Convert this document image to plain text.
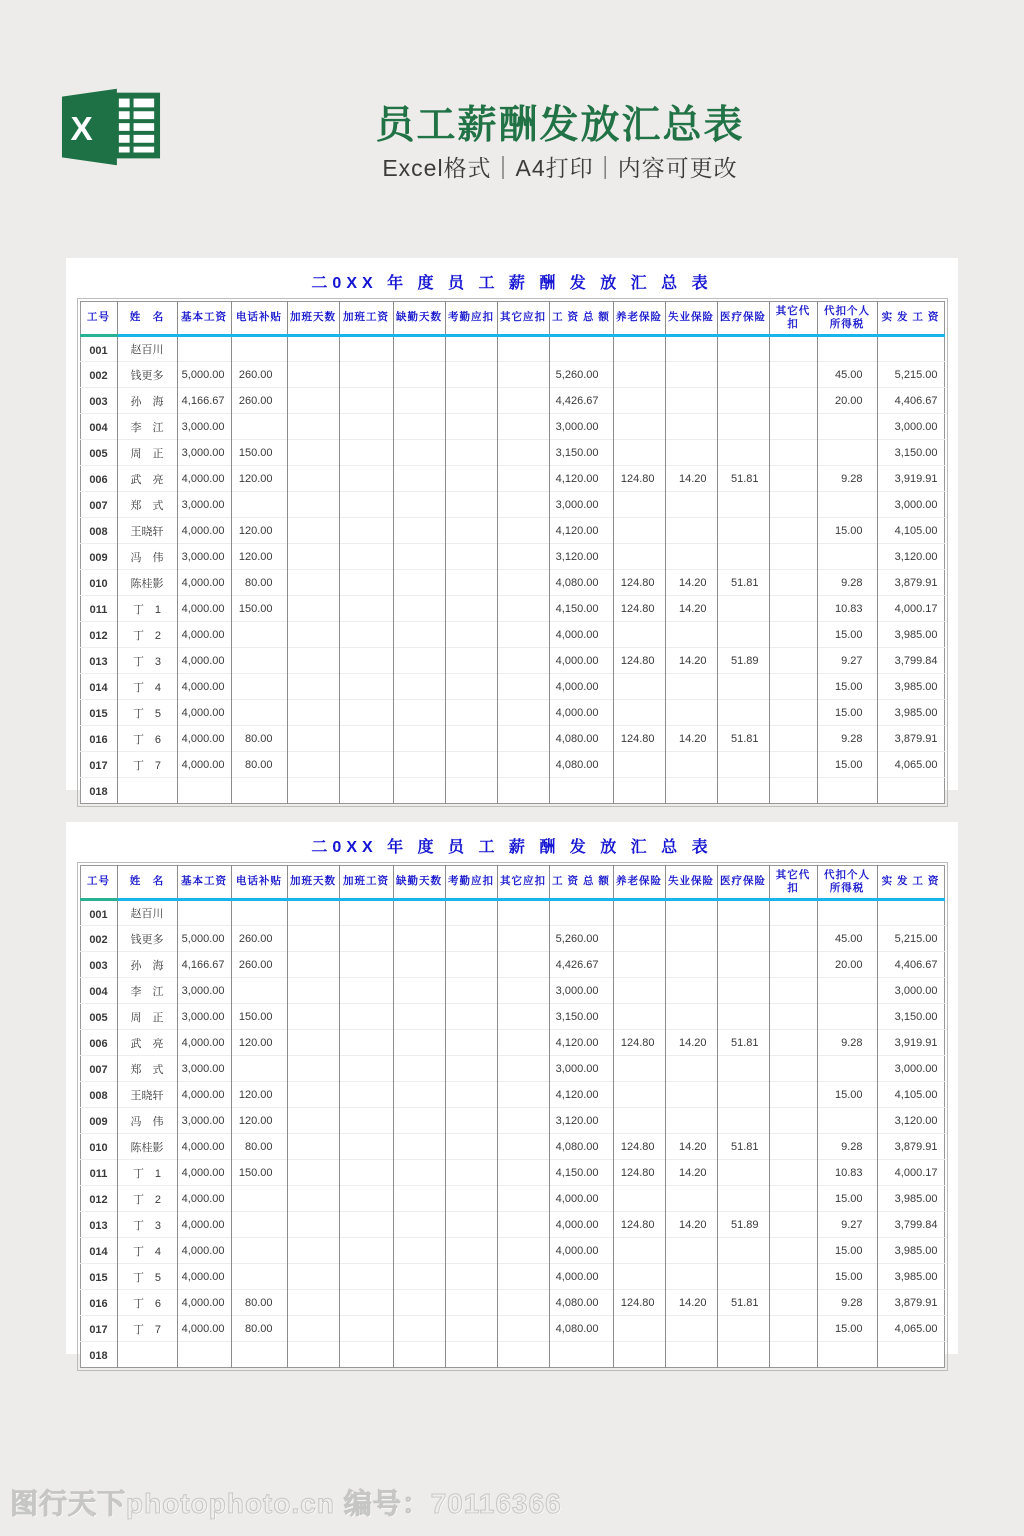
X	员工薪酬发放汇总表
Excel格式｜A4打印｜内容可更改
二0XX 年 度 员 工 薪 酬 发 放 汇 总 表
工号	姓　名	基本工资	电话补贴	加班天数	加班工资	缺勤天数	考勤应扣	其它应扣	工 资 总 额	养老保险	失业保险	医疗保险	其它代扣	代扣个人所得税	实 发 工 资
001	赵百川														
002	钱更多	5,000.00	260.00						5,260.00					45.00	5,215.00
003	孙　海	4,166.67	260.00						4,426.67					20.00	4,406.67
004	李　江	3,000.00							3,000.00						3,000.00
005	周　正	3,000.00	150.00						3,150.00						3,150.00
006	武　亮	4,000.00	120.00						4,120.00	124.80	14.20	51.81		9.28	3,919.91
007	郑　式	3,000.00							3,000.00						3,000.00
008	王晓轩	4,000.00	120.00						4,120.00					15.00	4,105.00
009	冯　伟	3,000.00	120.00						3,120.00						3,120.00
010	陈桂影	4,000.00	80.00						4,080.00	124.80	14.20	51.81		9.28	3,879.91
011	丁　1	4,000.00	150.00						4,150.00	124.80	14.20			10.83	4,000.17
012	丁　2	4,000.00							4,000.00					15.00	3,985.00
013	丁　3	4,000.00							4,000.00	124.80	14.20	51.89		9.27	3,799.84
014	丁　4	4,000.00							4,000.00					15.00	3,985.00
015	丁　5	4,000.00							4,000.00					15.00	3,985.00
016	丁　6	4,000.00	80.00						4,080.00	124.80	14.20	51.81		9.28	3,879.91
017	丁　7	4,000.00	80.00						4,080.00					15.00	4,065.00
018															
二0XX 年 度 员 工 薪 酬 发 放 汇 总 表
工号	姓　名	基本工资	电话补贴	加班天数	加班工资	缺勤天数	考勤应扣	其它应扣	工 资 总 额	养老保险	失业保险	医疗保险	其它代扣	代扣个人所得税	实 发 工 资
001	赵百川														
002	钱更多	5,000.00	260.00						5,260.00					45.00	5,215.00
003	孙　海	4,166.67	260.00						4,426.67					20.00	4,406.67
004	李　江	3,000.00							3,000.00						3,000.00
005	周　正	3,000.00	150.00						3,150.00						3,150.00
006	武　亮	4,000.00	120.00						4,120.00	124.80	14.20	51.81		9.28	3,919.91
007	郑　式	3,000.00							3,000.00						3,000.00
008	王晓轩	4,000.00	120.00						4,120.00					15.00	4,105.00
009	冯　伟	3,000.00	120.00						3,120.00						3,120.00
010	陈桂影	4,000.00	80.00						4,080.00	124.80	14.20	51.81		9.28	3,879.91
011	丁　1	4,000.00	150.00						4,150.00	124.80	14.20			10.83	4,000.17
012	丁　2	4,000.00							4,000.00					15.00	3,985.00
013	丁　3	4,000.00							4,000.00	124.80	14.20	51.89		9.27	3,799.84
014	丁　4	4,000.00							4,000.00					15.00	3,985.00
015	丁　5	4,000.00							4,000.00					15.00	3,985.00
016	丁　6	4,000.00	80.00						4,080.00	124.80	14.20	51.81		9.28	3,879.91
017	丁　7	4,000.00	80.00						4,080.00					15.00	4,065.00
018															
图行天下photophoto.cn 编号：70116366
